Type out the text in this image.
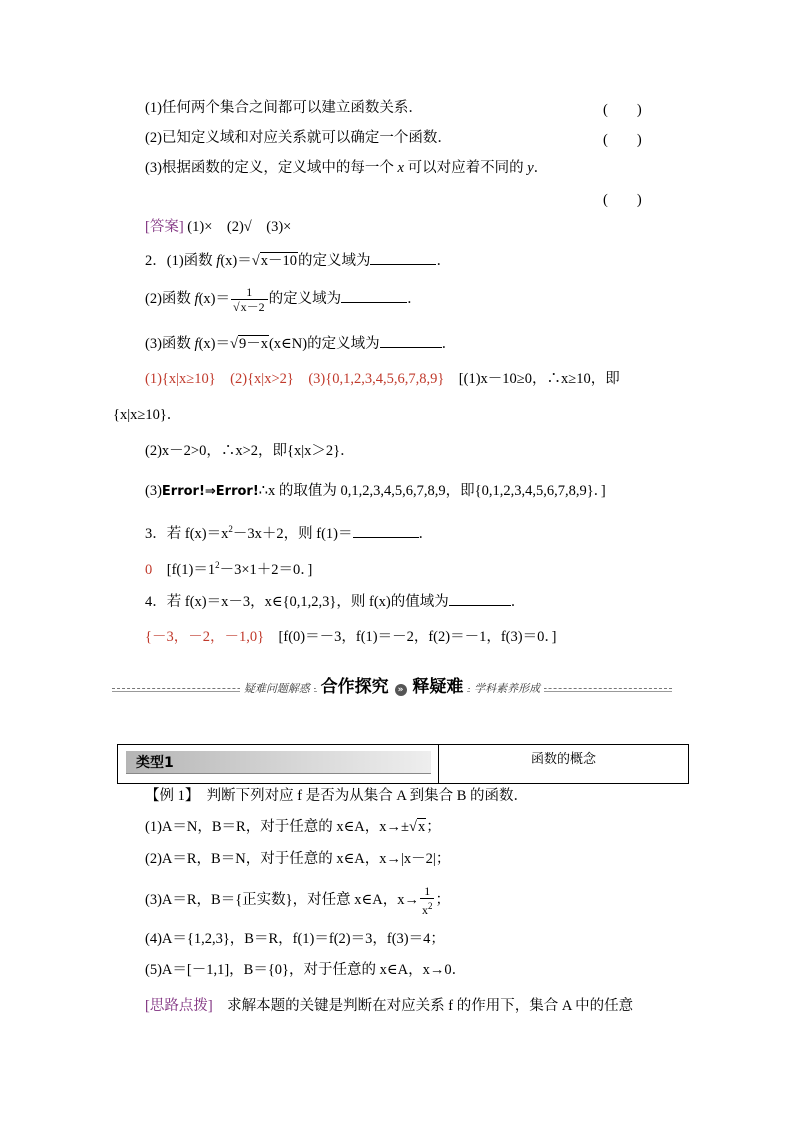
(1)任何两个集合之间都可以建立函数关系．	(　　)
(2)已知定义域和对应关系就可以确定一个函数．	(　　)
(3)根据函数的定义，定义域中的每一个 x 可以对应着不同的 y．
(　　)
[答案] (1)×　(2)√　(3)×
2．(1)函数 f(x)＝√x－10的定义域为	．
(2)函数 $f(x)= \frac{1}{√x-2}$ 的定义域为	．
(3)函数 f(x)＝√9－x(x∈N)的定义域为	．
(1){x|x≥10}　(2){x|x>2}　(3){0,1,2,3,4,5,6,7,8,9}　[(1)x－10≥0，∴x≥10，即
{x|x≥10}．
(2)x－2>0，∴x>2，即{x|x＞2}．
(3)Error!⇒Error!∴x 的取值为 0,1,2,3,4,5,6,7,8,9，即{0,1,2,3,4,5,6,7,8,9}．]
3．若 $f(x)=x^2-3x+2$，则 f(1)＝	．
0　[$f(1)=1^2-3\times 1+2=0$．]
4．若 f(x)＝x－3，x∈{0,1,2,3}，则 f(x)的值域为	．
{－3，－2，－1,0}　[f(0)＝－3，f(1)＝－2，f(2)＝－1，f(3)＝0．]
疑难问题解惑 合作探究 » 释疑难 学科素养形成
类型1	函数的概念
【例 1】　判断下列对应 f 是否为从集合 A 到集合 B 的函数．
(1)A＝N，B＝R，对于任意的 x∈A，x→±√x；
(2)A＝R，B＝N，对于任意的 x∈A，x→|x－2|；
(3)A＝R，B＝{正实数}，对任意 x∈A，$x\to \frac{1}{x^2}$ ；
(4)A＝{1,2,3}，B＝R，f(1)＝f(2)＝3，f(3)＝4；
(5)A＝[－1,1]，B＝{0}，对于任意的 x∈A，x→0．
[思路点拨]　求解本题的关键是判断在对应关系 f 的作用下，集合 A 中的任意
